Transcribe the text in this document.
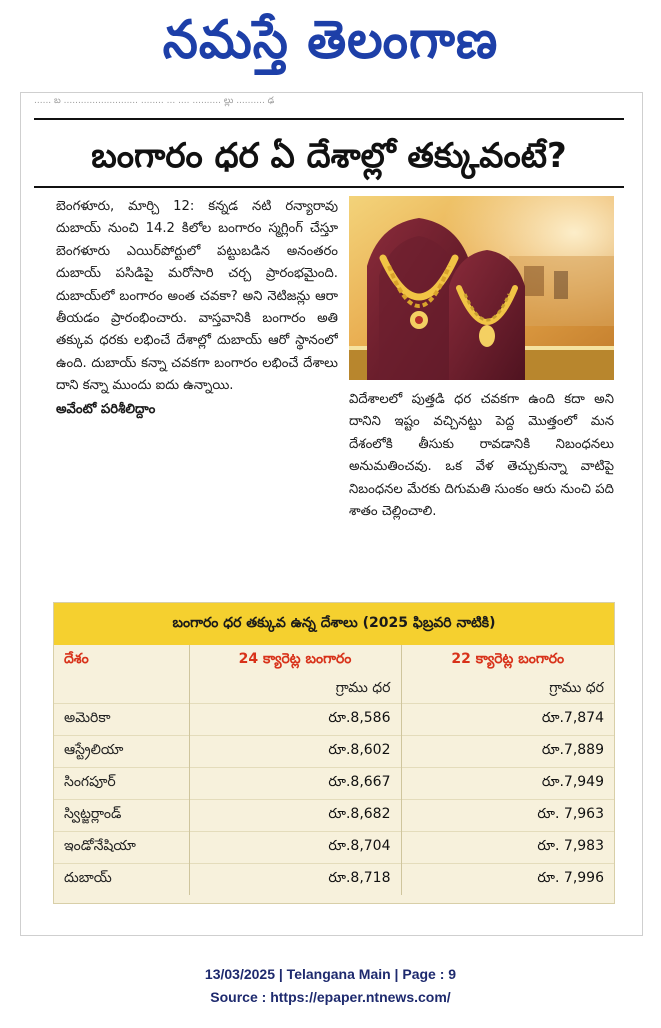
నమస్తే తెలంగాణ
...... బ .......................... ........ ... .... .......... ల్లు .......... ఢ
బంగారం ధర ఏ దేశాల్లో తక్కువంటే?

బెంగళూరు, మార్చి 12: కన్నడ నటి రన్యారావు దుబాయ్ నుంచి 14.2 కిలోల బంగారం స్మగ్లింగ్ చేస్తూ బెంగళూరు ఎయిర్‌పోర్టులో పట్టుబడిన అనంతరం దుబాయ్ పసిడిపై మరోసారి చర్చ ప్రారంభమైంది. దుబాయ్‌లో బంగారం అంత చవకా? అని నెటిజన్లు ఆరా తీయడం ప్రారంభించారు. వాస్తవానికి బంగారం అతి తక్కువ ధరకు లభించే దేశాల్లో దుబాయ్ ఆరో స్థానంలో ఉంది. దుబాయ్ కన్నా చవకగా బంగారం లభించే దేశాలు దాని కన్నా ముందు ఐదు ఉన్నాయి.

అవేంటో పరిశీలిద్దాం

విదేశాలలో పుత్తడి ధర చవకగా ఉంది కదా అని దానిని ఇష్టం వచ్చినట్టు పెద్ద మొత్తంలో మన దేశంలోకి తీసుకు రావడానికి నిబంధనలు అనుమతించవు. ఒక వేళ తెచ్చుకున్నా వాటిపై నిబంధనల మేరకు దిగుమతి సుంకం ఆరు నుంచి పది శాతం చెల్లించాలి.

బంగారం ధర తక్కువ ఉన్న దేశాలు (2025 ఫిబ్రవరి నాటికి)
దేశం	24 క్యారెట్ల బంగారం	22 క్యారెట్ల బంగారం
	గ్రాము ధర	గ్రాము ధర
అమెరికా	రూ.8,586	రూ.7,874
ఆస్ట్రేలియా	రూ.8,602	రూ.7,889
సింగపూర్	రూ.8,667	రూ.7,949
స్విట్జర్లాండ్	రూ.8,682	రూ. 7,963
ఇండోనేషియా	రూ.8,704	రూ. 7,983
దుబాయ్	రూ.8,718	రూ. 7,996
13/03/2025 | Telangana Main | Page : 9
Source : https://epaper.ntnews.com/
